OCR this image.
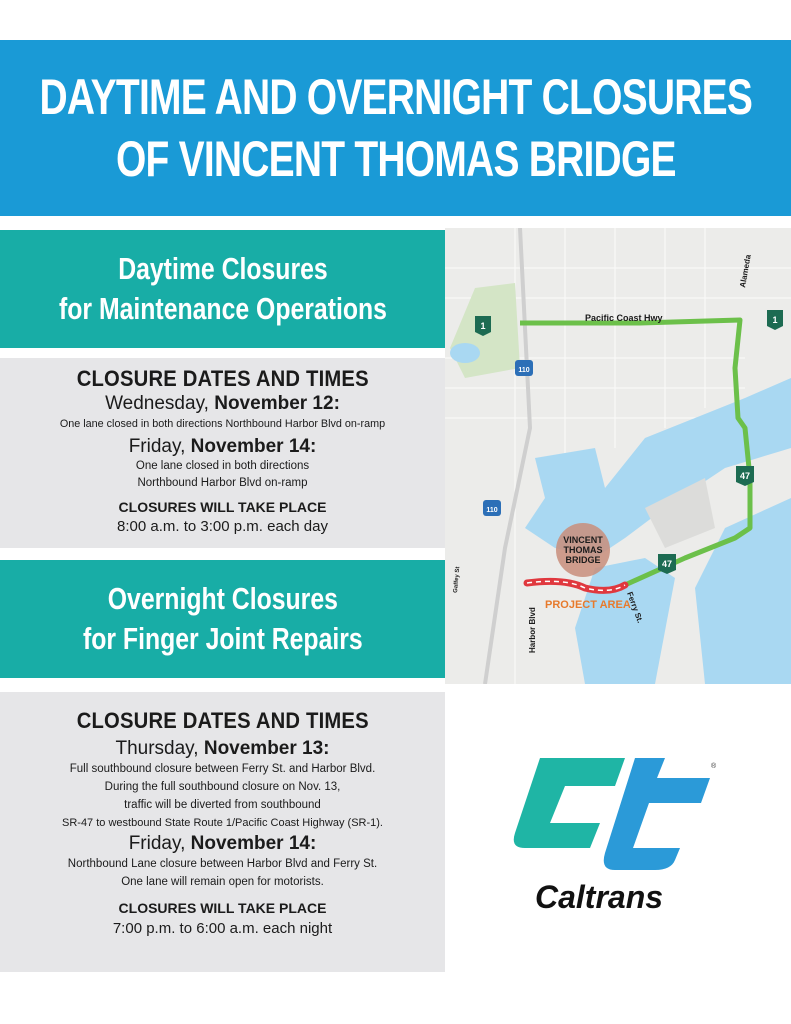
DAYTIME AND OVERNIGHT CLOSURES
OF VINCENT THOMAS BRIDGE
Daytime Closures
for Maintenance Operations
CLOSURE DATES AND TIMES
Wednesday, November 12:
One lane closed in both directions Northbound Harbor Blvd on-ramp
Friday, November 14:
One lane closed in both directions
Northbound Harbor Blvd on-ramp
CLOSURES WILL TAKE PLACE
8:00 a.m. to 3:00 p.m. each day
Overnight Closures
for Finger Joint Repairs
CLOSURE DATES AND TIMES
Thursday, November 13:
Full southbound closure between Ferry St. and Harbor Blvd.
During the full southbound closure on Nov. 13,
traffic will be diverted from southbound
SR-47 to westbound State Route 1/Pacific Coast Highway (SR-1).
Friday, November 14:
Northbound Lane closure between Harbor Blvd and Ferry St.
One lane will remain open for motorists.
CLOSURES WILL TAKE PLACE
7:00 p.m. to 6:00 a.m. each night
1
1
110
110
47
47
Pacific Coast Hwy
Alameda
Harbor Blvd	Ferry St.
Gaffey St
PROJECT AREA
VINCENT
THOMAS
BRIDGE
®
Caltrans
